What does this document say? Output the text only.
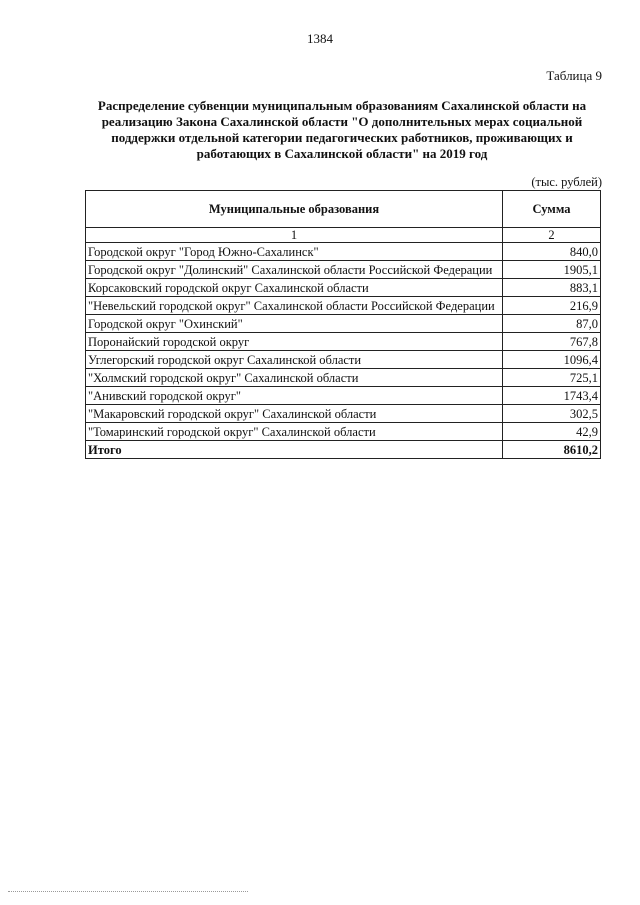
1384
Таблица 9
Распределение субвенции муниципальным образованиям Сахалинской области на реализацию Закона Сахалинской области "О дополнительных мерах социальной поддержки отдельной категории педагогических работников, проживающих и работающих в Сахалинской области" на 2019 год
(тыс. рублей)
Муниципальные образования	Сумма
1	2
Городской округ "Город Южно-Сахалинск"	840,0
Городской округ "Долинский" Сахалинской области Российской Федерации	1905,1
Корсаковский городской округ Сахалинской области	883,1
"Невельский городской округ" Сахалинской области Российской Федерации	216,9
Городской округ "Охинский"	87,0
Поронайский городской округ	767,8
Углегорский городской округ Сахалинской области	1096,4
"Холмский городской округ" Сахалинской области	725,1
"Анивский городской округ"	1743,4
"Макаровский городской округ" Сахалинской области	302,5
"Томаринский городской округ" Сахалинской области	42,9
Итого	8610,2
